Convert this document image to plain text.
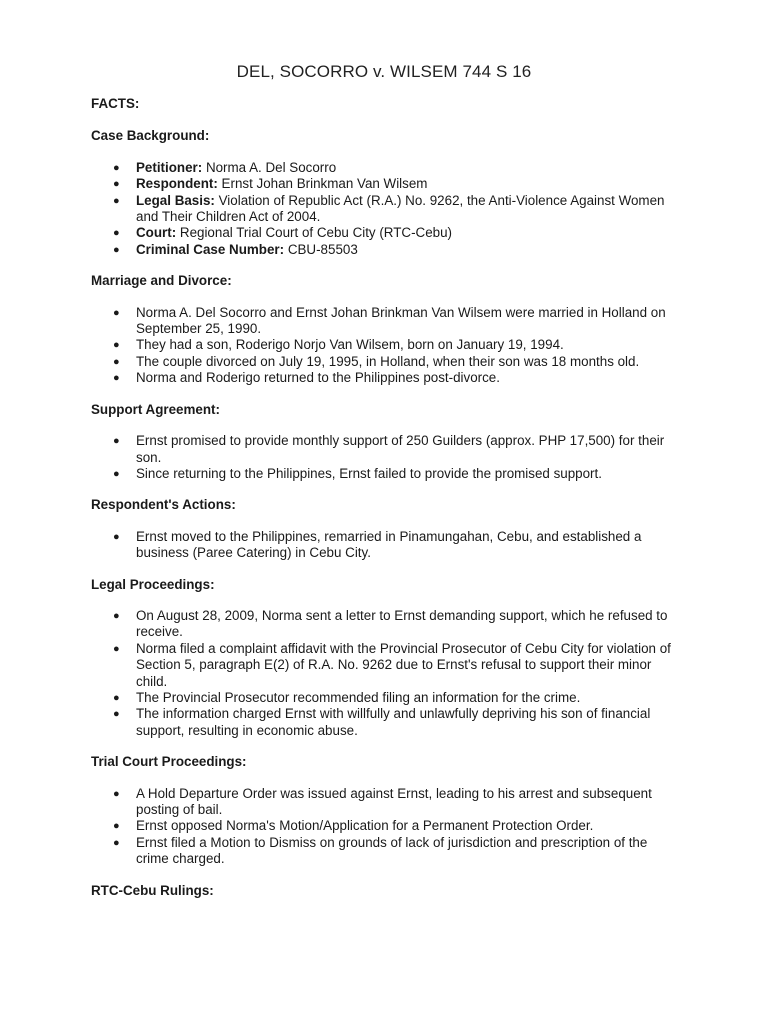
DEL, SOCORRO v. WILSEM 744 S 16

FACTS:

Case Background:

● Petitioner: Norma A. Del Socorro
● Respondent: Ernst Johan Brinkman Van Wilsem
● Legal Basis: Violation of Republic Act (R.A.) No. 9262, the Anti-Violence Against Women and Their Children Act of 2004.
● Court: Regional Trial Court of Cebu City (RTC-Cebu)
● Criminal Case Number: CBU-85503

Marriage and Divorce:

● Norma A. Del Socorro and Ernst Johan Brinkman Van Wilsem were married in Holland on September 25, 1990.
● They had a son, Roderigo Norjo Van Wilsem, born on January 19, 1994.
● The couple divorced on July 19, 1995, in Holland, when their son was 18 months old.
● Norma and Roderigo returned to the Philippines post-divorce.

Support Agreement:

● Ernst promised to provide monthly support of 250 Guilders (approx. PHP 17,500) for their son.
● Since returning to the Philippines, Ernst failed to provide the promised support.

Respondent's Actions:

● Ernst moved to the Philippines, remarried in Pinamungahan, Cebu, and established a business (Paree Catering) in Cebu City.

Legal Proceedings:

● On August 28, 2009, Norma sent a letter to Ernst demanding support, which he refused to receive.
● Norma filed a complaint affidavit with the Provincial Prosecutor of Cebu City for violation of Section 5, paragraph E(2) of R.A. No. 9262 due to Ernst's refusal to support their minor child.
● The Provincial Prosecutor recommended filing an information for the crime.
● The information charged Ernst with willfully and unlawfully depriving his son of financial support, resulting in economic abuse.

Trial Court Proceedings:

● A Hold Departure Order was issued against Ernst, leading to his arrest and subsequent posting of bail.
● Ernst opposed Norma's Motion/Application for a Permanent Protection Order.
● Ernst filed a Motion to Dismiss on grounds of lack of jurisdiction and prescription of the crime charged.

RTC-Cebu Rulings:
